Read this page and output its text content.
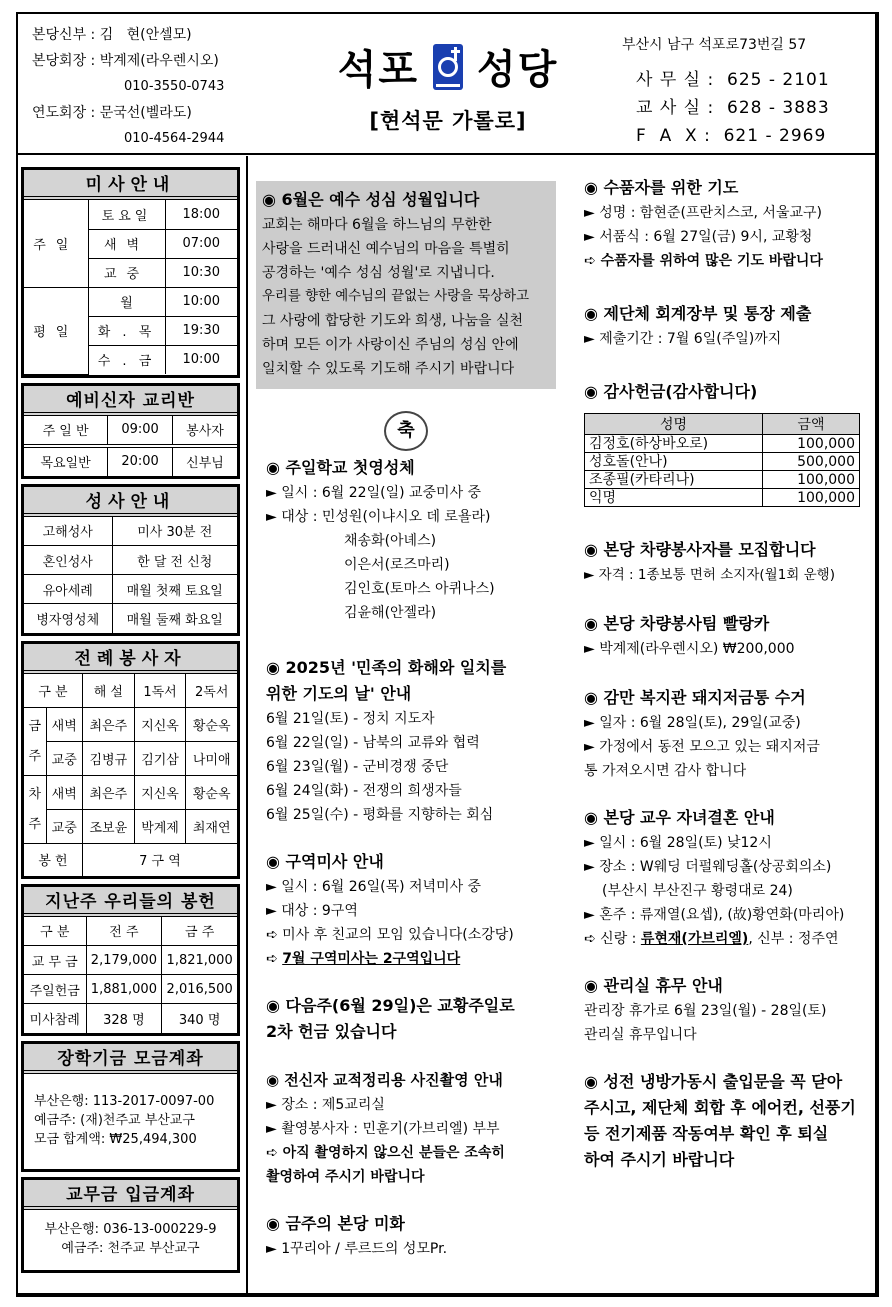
본당신부 : 김   현(안셀모)
본당회장 : 박계제(라우렌시오)
010-3550-0743
연도회장 : 문국선(벨라도)
010-4564-2944
석포 성당
[현석문 가롤로]
부산시 남구 석포로73번길 57
사 무 실 :  625 - 2101
교 사 실 :  628 - 3883
F  A  X :  621 - 2969
미사안내
주일	토요일	18:00
	새벽	07:00
	교중	10:30
평일	월	10:00
	화 . 목	19:30
	수 . 금	10:00
예비신자 교리반
주 일 반	09:00	봉사자
목요일반	20:00	신부님
성사안내
고해성사	미사 30분 전
혼인성사	한 달 전 신청
유아세례	매월 첫째 토요일
병자영성체	매월 둘째 화요일
전례봉사자
구 분		해 설	1독서	2독서
금주	새벽	최은주	지신옥	황순옥
	교중	김병규	김기삼	나미애
차주	새벽	최은주	지신옥	황순옥
	교중	조보윤	박계제	최재연
봉 헌		7 구 역		
지난주 우리들의 봉헌
구 분	전 주	금 주
교 무 금	2,179,000	1,821,000
주일헌금	1,881,000	2,016,500
미사참례	328 명	340 명
장학기금 모금계좌
부산은행: 113-2017-0097-00
예금주: (재)천주교 부산교구
모금 합계액: ₩25,494,300
교무금 입금계좌
부산은행: 036-13-000229-9
예금주: 천주교 부산교구
◉ 6월은 예수 성심 성월입니다
교회는 해마다 6월을 하느님의 무한한
사랑을 드러내신 예수님의 마음을 특별히
공경하는 '예수 성심 성월'로 지냅니다.
우리를 향한 예수님의 끝없는 사랑을 묵상하고
그 사랑에 합당한 기도와 희생, 나눔을 실천
하며 모든 이가 사랑이신 주님의 성심 안에
일치할 수 있도록 기도해 주시기 바랍니다
축
◉ 주일학교 첫영성체
► 일시 : 6월 22일(일) 교중미사 중
► 대상 : 민성원(이냐시오 데 로욜라)
채송화(아녜스)
이은서(로즈마리)
김인호(토마스 아퀴나스)
김윤해(안젤라)
◉ 2025년 '민족의 화해와 일치를
위한 기도의 날' 안내
6월 21일(토) - 정치 지도자
6월 22일(일) - 남북의 교류와 협력
6월 23일(월) - 군비경쟁 중단
6월 24일(화) - 전쟁의 희생자들
6월 25일(수) - 평화를 지향하는 회심
◉ 구역미사 안내
► 일시 : 6월 26일(목) 저녁미사 중
► 대상 : 9구역
➪ 미사 후 친교의 모임 있습니다(소강당)
➪ 7월 구역미사는 2구역입니다
◉ 다음주(6월 29일)은 교황주일로
2차 헌금 있습니다
◉ 전신자 교적정리용 사진촬영 안내
► 장소 : 제5교리실
► 촬영봉사자 : 민훈기(가브리엘) 부부
➪ 아직 촬영하지 않으신 분들은 조속히
촬영하여 주시기 바랍니다
◉ 금주의 본당 미화
► 1꾸리아 / 루르드의 성모Pr.
◉ 수품자를 위한 기도
► 성명 : 함현준(프란치스코, 서울교구)
► 서품식 : 6월 27일(금) 9시, 교황청
➪ 수품자를 위하여 많은 기도 바랍니다
◉ 제단체 회계장부 및 통장 제출
► 제출기간 : 7월 6일(주일)까지
◉ 감사헌금(감사합니다)
성명	금액
김정호(하상바오로)	100,000
성호돌(안나)	500,000
조종필(카타리나)	100,000
익명	100,000
◉ 본당 차량봉사자를 모집합니다
► 자격 : 1종보통 면허 소지자(월1회 운행)
◉ 본당 차량봉사팀 빨랑카
► 박계제(라우렌시오) ₩200,000
◉ 감만 복지관 돼지저금통 수거
► 일자 : 6월 28일(토), 29일(교중)
► 가정에서 동전 모으고 있는 돼지저금
통 가져오시면 감사 합니다
◉ 본당 교우 자녀결혼 안내
► 일시 : 6월 28일(토) 낮12시
► 장소 : W웨딩 더펄웨딩홀(상공회의소)
(부산시 부산진구 황령대로 24)
► 혼주 : 류재열(요셉), (故)황연화(마리아)
➪ 신랑 : 류현재(가브리엘), 신부 : 정주연
◉ 관리실 휴무 안내
관리장 휴가로 6월 23일(월) - 28일(토)
관리실 휴무입니다
◉ 성전 냉방가동시 출입문을 꼭 닫아
주시고, 제단체 회합 후 에어컨, 선풍기
등 전기제품 작동여부 확인 후 퇴실
하여 주시기 바랍니다
